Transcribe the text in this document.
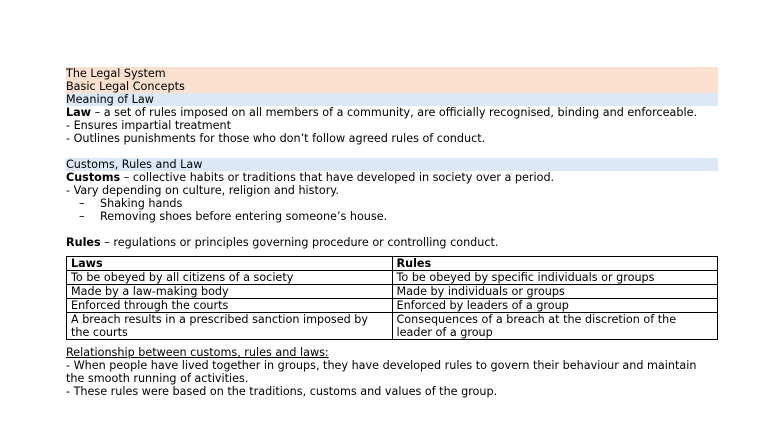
The Legal System
Basic Legal Concepts
Meaning of Law
Law – a set of rules imposed on all members of a community, are officially recognised, binding and enforceable.
- Ensures impartial treatment
- Outlines punishments for those who don’t follow agreed rules of conduct.
Customs, Rules and Law
Customs – collective habits or traditions that have developed in society over a period.
- Vary depending on culture, religion and history.
– Shaking hands
– Removing shoes before entering someone’s house.
Rules – regulations or principles governing procedure or controlling conduct.
Laws	Rules
To be obeyed by all citizens of a society	To be obeyed by specific individuals or groups
Made by a law-making body	Made by individuals or groups
Enforced through the courts	Enforced by leaders of a group
A breach results in a prescribed sanction imposed by the courts	Consequences of a breach at the discretion of the leader of a group
Relationship between customs, rules and laws:
- When people have lived together in groups, they have developed rules to govern their behaviour and maintain the smooth running of activities.
- These rules were based on the traditions, customs and values of the group.
